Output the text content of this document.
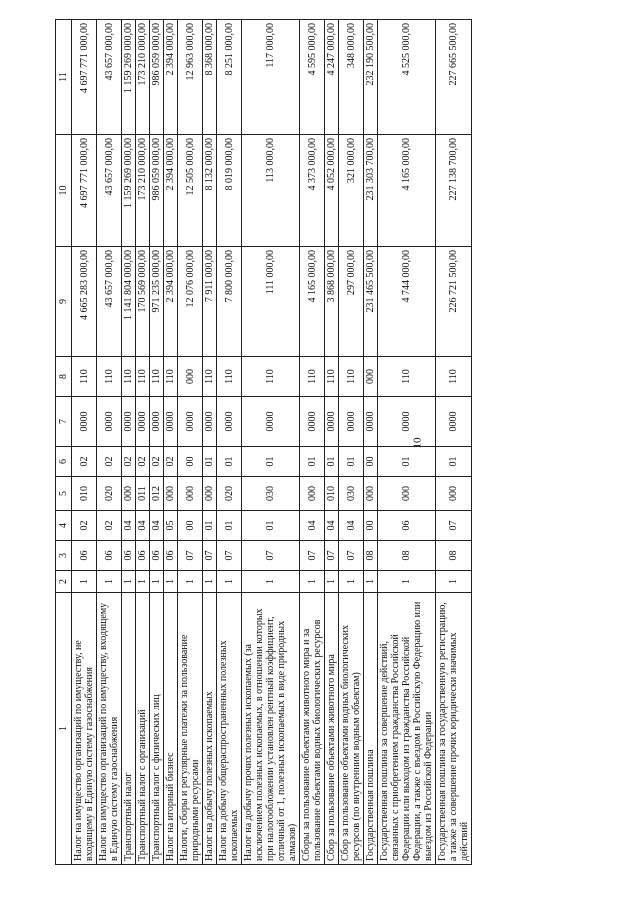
10
1	2	3	4	5	6	7	8	9	10	11
Налог на имущество организаций по имуществу, не входящему в Единую систему газоснабжения	1	06	02	010	02	0000	110	4 665 283 000,00	4 697 771 000,00	4 697 771 000,00
Налог на имущество организаций по имуществу, входящему в Единую систему газоснабжения	1	06	02	020	02	0000	110	43 657 000,00	43 657 000,00	43 657 000,00
Транспортный налог	1	06	04	000	02	0000	110	1 141 804 000,00	1 159 269 000,00	1 159 269 000,00
Транспортный налог с организаций	1	06	04	011	02	0000	110	170 569 000,00	173 210 000,00	173 210 000,00
Транспортный налог с физических лиц	1	06	04	012	02	0000	110	971 235 000,00	986 059 000,00	986 059 000,00
Налог на игорный бизнес	1	06	05	000	02	0000	110	2 394 000,00	2 394 000,00	2 394 000,00
Налоги, сборы и регулярные платежи за пользование природными ресурсами	1	07	00	000	00	0000	000	12 076 000,00	12 505 000,00	12 963 000,00
Налог на добычу полезных ископаемых	1	07	01	000	01	0000	110	7 911 000,00	8 132 000,00	8 368 000,00
Налог на добычу общераспространенных полезных ископаемых	1	07	01	020	01	0000	110	7 800 000,00	8 019 000,00	8 251 000,00
Налог на добычу прочих полезных ископаемых (за исключением полезных ископаемых, в отношении которых при налогообложении установлен рентный коэффициент, отличный от 1, полезных ископаемых в виде природных алмазов)	1	07	01	030	01	0000	110	111 000,00	113 000,00	117 000,00
Сборы за пользование объектами животного мира и за пользование объектами водных биологических ресурсов	1	07	04	000	01	0000	110	4 165 000,00	4 373 000,00	4 595 000,00
Сбор за пользование объектами животного мира	1	07	04	010	01	0000	110	3 868 000,00	4 052 000,00	4 247 000,00
Сбор за пользование объектами водных биологических ресурсов (по внутренним водным объектам)	1	07	04	030	01	0000	110	297 000,00	321 000,00	348 000,00
Государственная пошлина	1	08	00	000	00	0000	000	231 465 500,00	231 303 700,00	232 190 500,00
Государственная пошлина за совершение действий, связанных с приобретением гражданства Российской Федерации или выходом из гражданства Российской Федерации, а также с въездом в Российскую Федерацию или выездом из Российской Федерации	1	08	06	000	01	0000	110	4 744 000,00	4 165 000,00	4 525 000,00
Государственная пошлина за государственную регистрацию, а также за совершение прочих юридически значимых действий	1	08	07	000	01	0000	110	226 721 500,00	227 138 700,00	227 665 500,00
